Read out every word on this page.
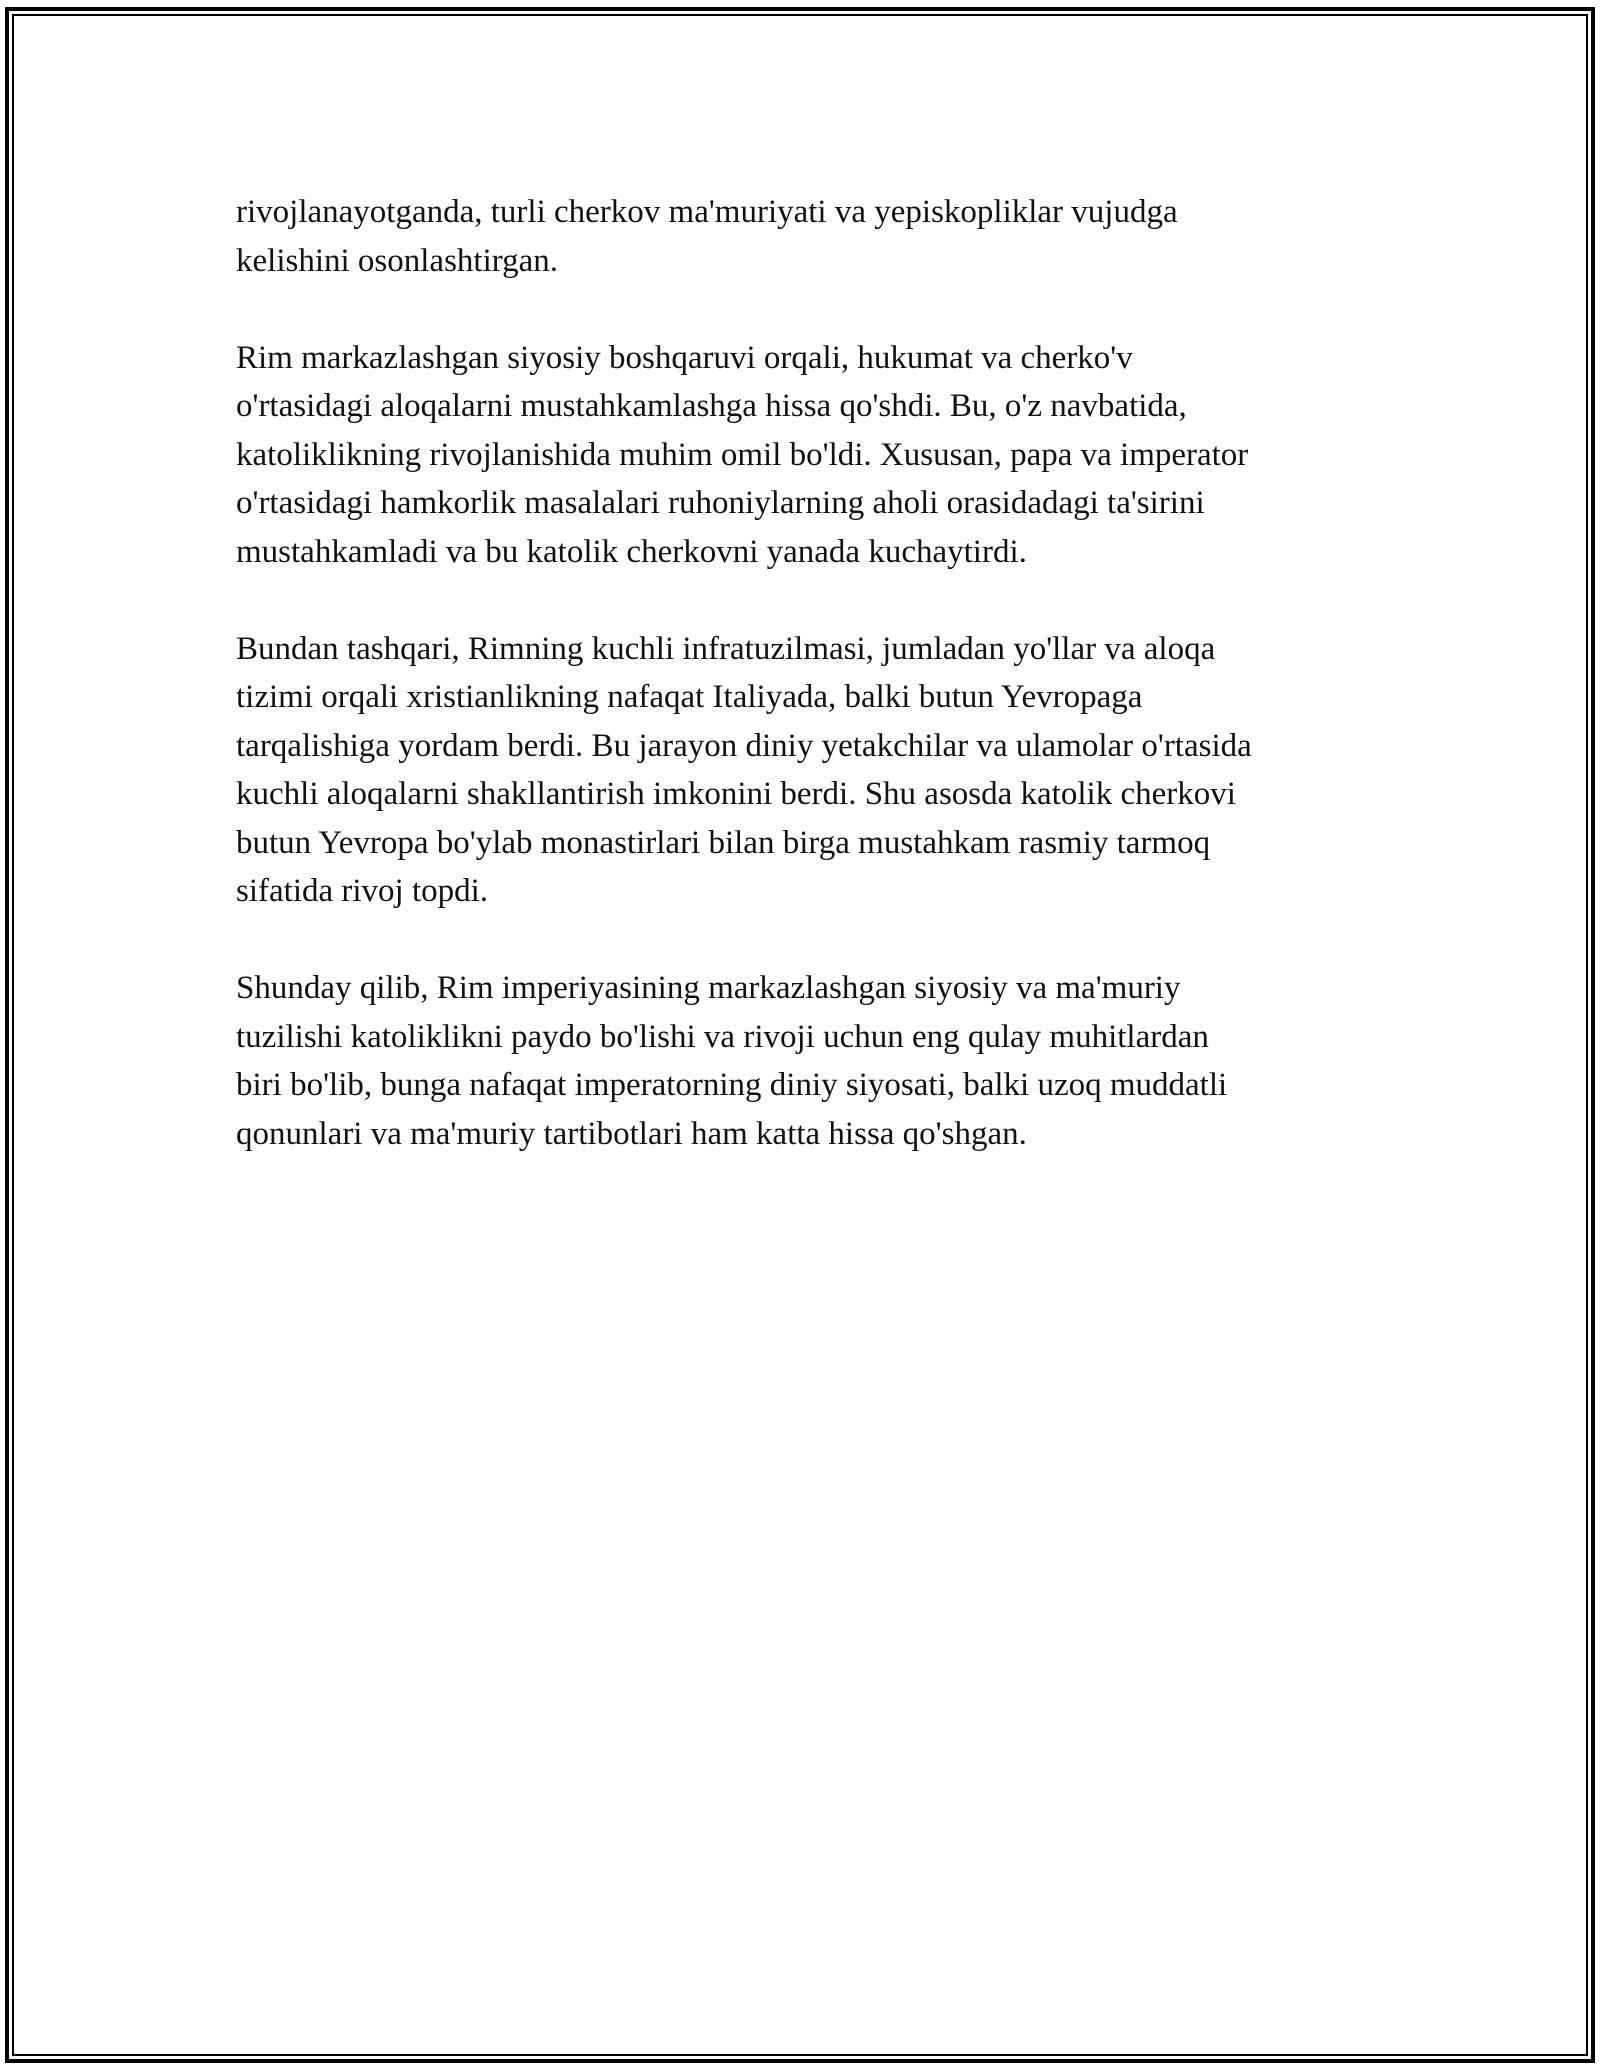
rivojlanayotganda, turli cherkov ma'muriyati va yepiskopliklar vujudga
kelishini osonlashtirgan.

Rim markazlashgan siyosiy boshqaruvi orqali, hukumat va cherko'v
o'rtasidagi aloqalarni mustahkamlashga hissa qo'shdi. Bu, o'z navbatida,
katoliklikning rivojlanishida muhim omil bo'ldi. Xususan, papa va imperator
o'rtasidagi hamkorlik masalalari ruhoniylarning aholi orasidadagi ta'sirini
mustahkamladi va bu katolik cherkovni yanada kuchaytirdi.

Bundan tashqari, Rimning kuchli infratuzilmasi, jumladan yo'llar va aloqa
tizimi orqali xristianlikning nafaqat Italiyada, balki butun Yevropaga
tarqalishiga yordam berdi. Bu jarayon diniy yetakchilar va ulamolar o'rtasida
kuchli aloqalarni shakllantirish imkonini berdi. Shu asosda katolik cherkovi
butun Yevropa bo'ylab monastirlari bilan birga mustahkam rasmiy tarmoq
sifatida rivoj topdi.

Shunday qilib, Rim imperiyasining markazlashgan siyosiy va ma'muriy
tuzilishi katoliklikni paydo bo'lishi va rivoji uchun eng qulay muhitlardan
biri bo'lib, bunga nafaqat imperatorning diniy siyosati, balki uzoq muddatli
qonunlari va ma'muriy tartibotlari ham katta hissa qo'shgan.
